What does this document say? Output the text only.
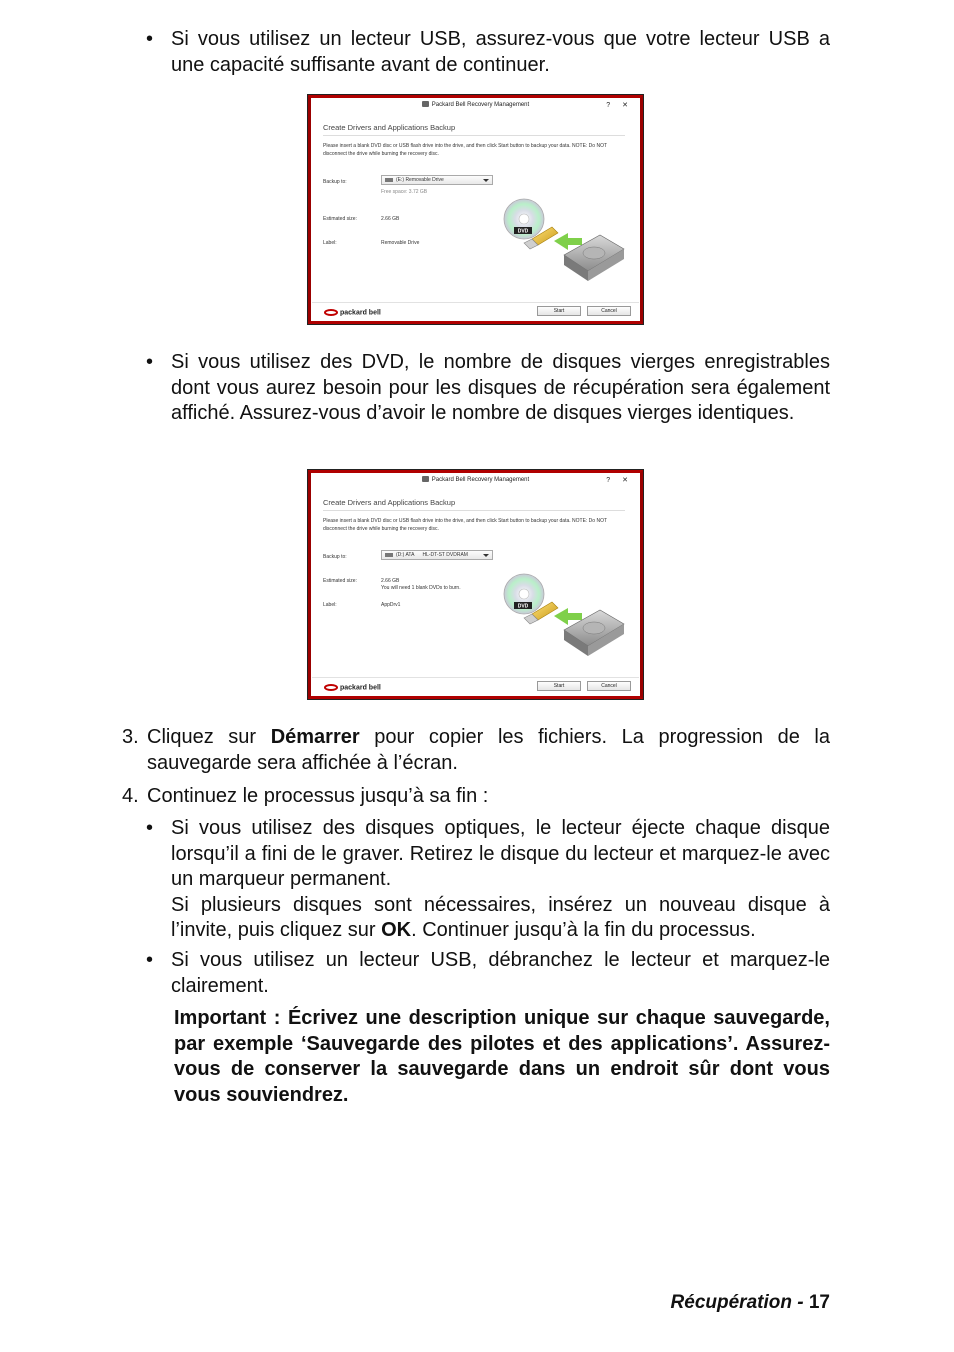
• Si vous utilisez un lecteur USB, assurez-vous que votre lecteur USB a une capacité suffisante avant de continuer.
Packard Bell Recovery Management	? ✕
Create Drivers and Applications Backup
Please insert a blank DVD disc or USB flash drive into the drive, and then click Start button to backup your data. NOTE: Do NOT disconnect the drive while burning the recovery disc.
Backup to:	(E:) Removable Drive
Free space: 3.72 GB
Estimated size:	2.66 GB
Label:	Removable Drive
DVD
packard bell	Start	Cancel
• Si vous utilisez des DVD, le nombre de disques vierges enregistrables dont vous aurez besoin pour les disques de récupération sera également affiché. Assurez-vous d’avoir le nombre de disques vierges identiques.
Packard Bell Recovery Management	? ✕
Create Drivers and Applications Backup
Please insert a blank DVD disc or USB flash drive into the drive, and then click Start button to backup your data. NOTE: Do NOT disconnect the drive while burning the recovery disc.
Backup to:	(D:) ATA      HL-DT-ST DVDRAM
Estimated size:	2.66 GB
You will need 1 blank DVDs to burn.
Label:	AppDrv1	DVD
packard bell	Start	Cancel
3. Cliquez sur Démarrer pour copier les fichiers. La progression de la sauvegarde sera affichée à l’écran.
4. Continuez le processus jusqu’à sa fin :
• Si vous utilisez des disques optiques, le lecteur éjecte chaque disque lorsqu’il a fini de le graver. Retirez le disque du lecteur et marquez-le avec un marqueur permanent.
Si plusieurs disques sont nécessaires, insérez un nouveau disque à l’invite, puis cliquez sur OK. Continuer jusqu’à la fin du processus.
• Si vous utilisez un lecteur USB, débranchez le lecteur et marquez-le clairement.
Important : Écrivez une description unique sur chaque sauvegarde, par exemple ‘Sauvegarde des pilotes et des applications’. Assurez-vous de conserver la sauvegarde dans un endroit sûr dont vous vous souviendrez.
Récupération - 17
